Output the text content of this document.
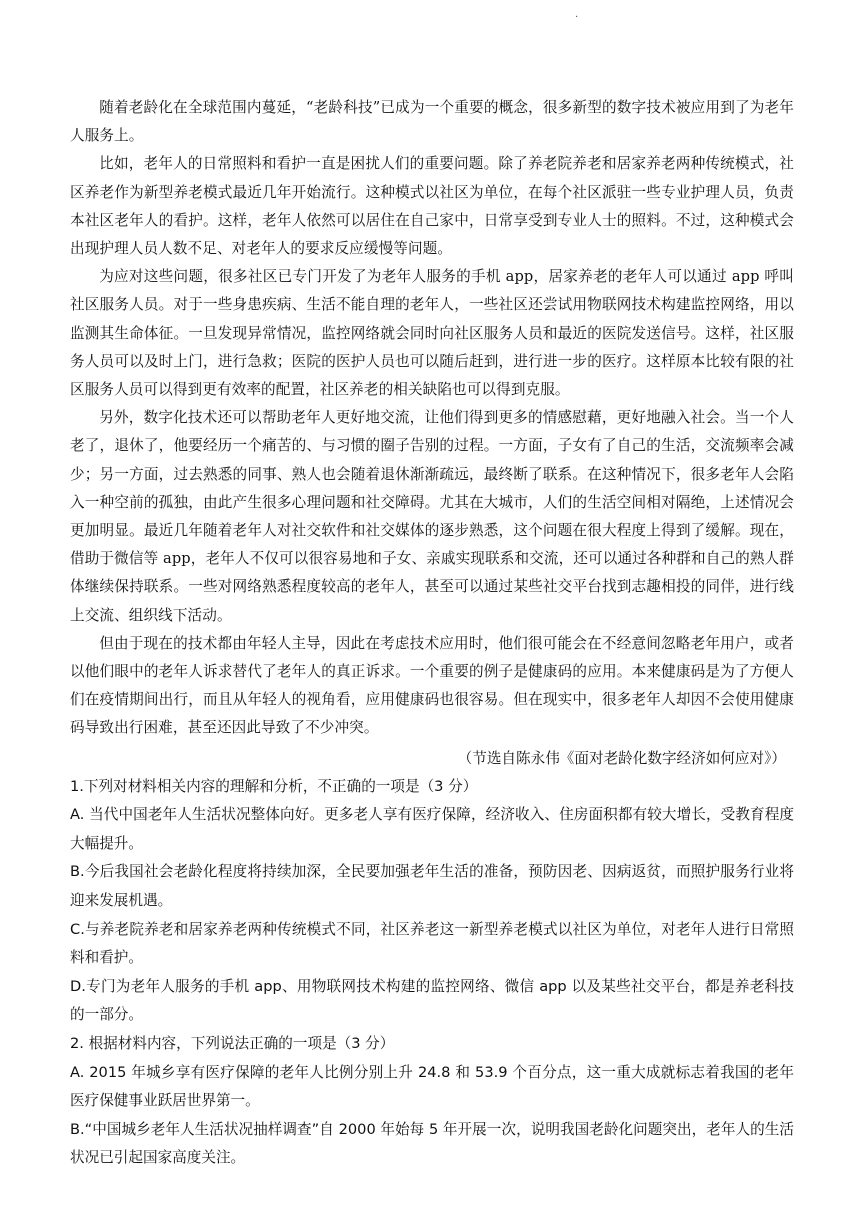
·

随着老龄化在全球范围内蔓延，“老龄科技”已成为一个重要的概念，很多新型的数字技术被应用到了为老年人服务上。

比如，老年人的日常照料和看护一直是困扰人们的重要问题。除了养老院养老和居家养老两种传统模式，社区养老作为新型养老模式最近几年开始流行。这种模式以社区为单位，在每个社区派驻一些专业护理人员，负责本社区老年人的看护。这样，老年人依然可以居住在自己家中，日常享受到专业人士的照料。不过，这种模式会出现护理人员人数不足、对老年人的要求反应缓慢等问题。

为应对这些问题，很多社区已专门开发了为老年人服务的手机 app，居家养老的老年人可以通过 app 呼叫社区服务人员。对于一些身患疾病、生活不能自理的老年人，一些社区还尝试用物联网技术构建监控网络，用以监测其生命体征。一旦发现异常情况，监控网络就会同时向社区服务人员和最近的医院发送信号。这样，社区服务人员可以及时上门，进行急救；医院的医护人员也可以随后赶到，进行进一步的医疗。这样原本比较有限的社区服务人员可以得到更有效率的配置，社区养老的相关缺陷也可以得到克服。

另外，数字化技术还可以帮助老年人更好地交流，让他们得到更多的情感慰藉，更好地融入社会。当一个人老了，退休了，他要经历一个痛苦的、与习惯的圈子告别的过程。一方面，子女有了自己的生活，交流频率会减少；另一方面，过去熟悉的同事、熟人也会随着退休渐渐疏远，最终断了联系。在这种情况下，很多老年人会陷入一种空前的孤独，由此产生很多心理问题和社交障碍。尤其在大城市，人们的生活空间相对隔绝，上述情况会更加明显。最近几年随着老年人对社交软件和社交媒体的逐步熟悉，这个问题在很大程度上得到了缓解。现在，借助于微信等 app，老年人不仅可以很容易地和子女、亲戚实现联系和交流，还可以通过各种群和自己的熟人群体继续保持联系。一些对网络熟悉程度较高的老年人，甚至可以通过某些社交平台找到志趣相投的同伴，进行线上交流、组织线下活动。

但由于现在的技术都由年轻人主导，因此在考虑技术应用时，他们很可能会在不经意间忽略老年用户，或者以他们眼中的老年人诉求替代了老年人的真正诉求。一个重要的例子是健康码的应用。本来健康码是为了方便人们在疫情期间出行，而且从年轻人的视角看，应用健康码也很容易。但在现实中，很多老年人却因不会使用健康码导致出行困难，甚至还因此导致了不少冲突。

（节选自陈永伟《面对老龄化数字经济如何应对》）

1.下列对材料相关内容的理解和分析，不正确的一项是（3 分）

A. 当代中国老年人生活状况整体向好。更多老人享有医疗保障，经济收入、住房面积都有较大增长，受教育程度大幅提升。

B.今后我国社会老龄化程度将持续加深，全民要加强老年生活的准备，预防因老、因病返贫，而照护服务行业将迎来发展机遇。

C.与养老院养老和居家养老两种传统模式不同，社区养老这一新型养老模式以社区为单位，对老年人进行日常照料和看护。

D.专门为老年人服务的手机 app、用物联网技术构建的监控网络、微信 app 以及某些社交平台，都是养老科技的一部分。

2. 根据材料内容，下列说法正确的一项是（3 分）

A. 2015 年城乡享有医疗保障的老年人比例分别上升 24.8 和 53.9 个百分点，这一重大成就标志着我国的老年医疗保健事业跃居世界第一。

B.“中国城乡老年人生活状况抽样调查”自 2000 年始每 5 年开展一次，说明我国老龄化问题突出，老年人的生活状况已引起国家高度关注。
